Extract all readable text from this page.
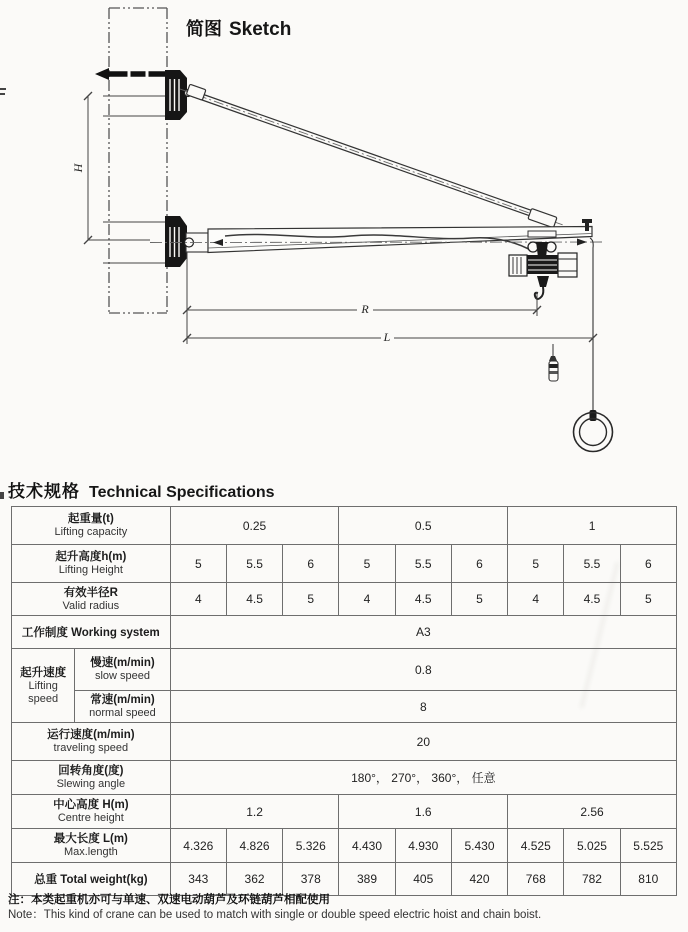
简图 Sketch
H
R
L
技术规格 Technical Specifications
起重量(t)
Lifting capacity		0.25			0.5			1		

起升高度h(m)
Lifting Height		5	5.5	6	5	5.5	6	5	5.5	6

有效半径R
Valid radius		4	4.5	5	4	4.5	5	4	4.5	5
工作制度 Working system		A3								

起升速度
Lifting speed	慢速(m/min)
slow speed	0.8								

	常速(m/min)
normal speed	8								

运行速度(m/min)
traveling speed		20								

回转角度(度)
Slewing angle		180°， 270°， 360°， 任意								

中心高度 H(m)
Centre height		1.2			1.6			2.56		

最大长度 L(m)
Max.length		4.326	4.826	5.326	4.430	4.930	5.430	4.525	5.025	5.525
总重 Total weight(kg)		343	362	378	389	405	420	768	782	810
注：本类起重机亦可与单速、双速电动葫芦及环链葫芦相配使用
Note：This kind of crane can be used to match with single or double speed electric hoist and chain boist.
